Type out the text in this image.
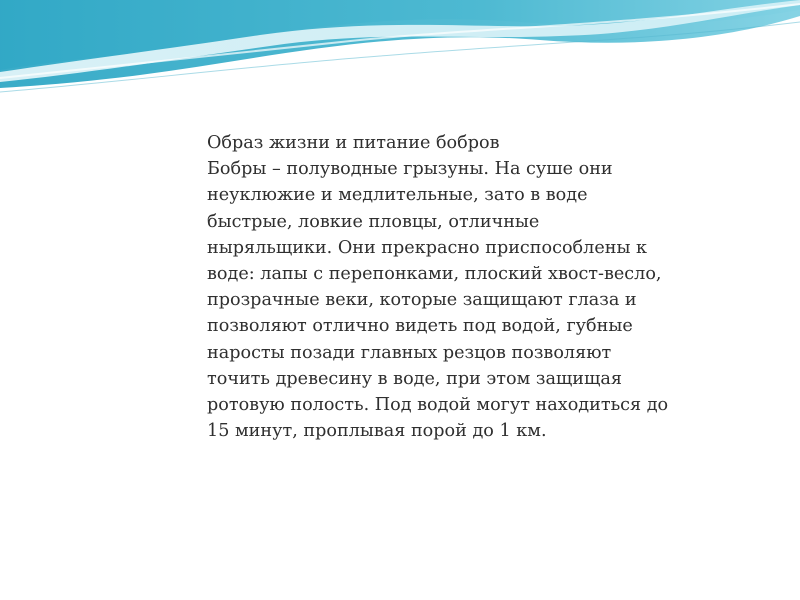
Образ жизни и питание бобров

Бобры – полуводные грызуны. На суше они

неуклюжие и медлительные, зато в воде

быстрые, ловкие пловцы, отличные

ныряльщики. Они прекрасно приспособлены к

воде: лапы с перепонками, плоский хвост-весло,

прозрачные веки, которые защищают глаза и

позволяют отлично видеть под водой, губные

наросты позади главных резцов позволяют

точить древесину в воде, при этом защищая

ротовую полость. Под водой могут находиться до

15 минут, проплывая порой до 1 км.
